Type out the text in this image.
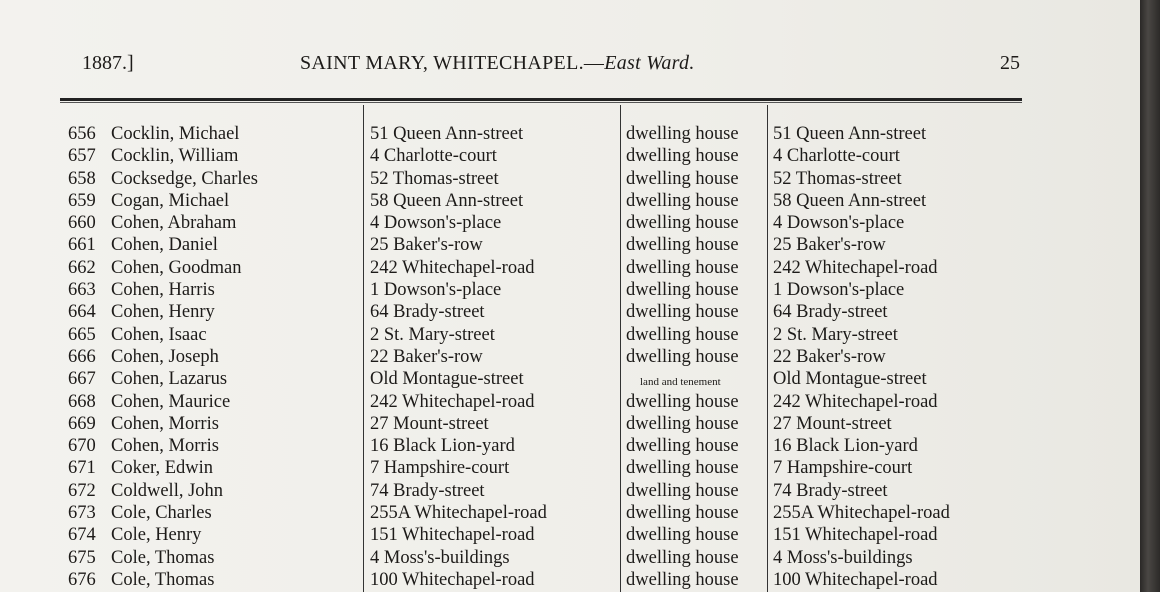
1887.]	SAINT MARY, WHITECHAPEL.—East Ward.	25
656 Cocklin, Michael	51 Queen Ann-street	dwelling house 51 Queen Ann-street
657 Cocklin, William	4 Charlotte-court	dwelling house 4 Charlotte-court
658 Cocksedge, Charles	52 Thomas-street	dwelling house 52 Thomas-street
659 Cogan, Michael	58 Queen Ann-street	dwelling house 58 Queen Ann-street
660 Cohen, Abraham	4 Dowson's-place	dwelling house 4 Dowson's-place
661 Cohen, Daniel	25 Baker's-row	dwelling house 25 Baker's-row
662 Cohen, Goodman	242 Whitechapel-road	dwelling house 242 Whitechapel-road
663 Cohen, Harris	1 Dowson's-place	dwelling house 1 Dowson's-place
664 Cohen, Henry	64 Brady-street	dwelling house 64 Brady-street
665 Cohen, Isaac	2 St. Mary-street	dwelling house 2 St. Mary-street
666 Cohen, Joseph	22 Baker's-row	dwelling house 22 Baker's-row
667 Cohen, Lazarus	Old Montague-street	land and tenement	Old Montague-street
668 Cohen, Maurice	242 Whitechapel-road	dwelling house 242 Whitechapel-road
669 Cohen, Morris	27 Mount-street	dwelling house 27 Mount-street
670 Cohen, Morris	16 Black Lion-yard	dwelling house 16 Black Lion-yard
671 Coker, Edwin	7 Hampshire-court	dwelling house 7 Hampshire-court
672 Coldwell, John	74 Brady-street	dwelling house 74 Brady-street
673 Cole, Charles	255A Whitechapel-road	dwelling house 255A Whitechapel-road
674 Cole, Henry	151 Whitechapel-road	dwelling house 151 Whitechapel-road
675 Cole, Thomas	4 Moss's-buildings	dwelling house 4 Moss's-buildings
676 Cole, Thomas	100 Whitechapel-road	dwelling house 100 Whitechapel-road
